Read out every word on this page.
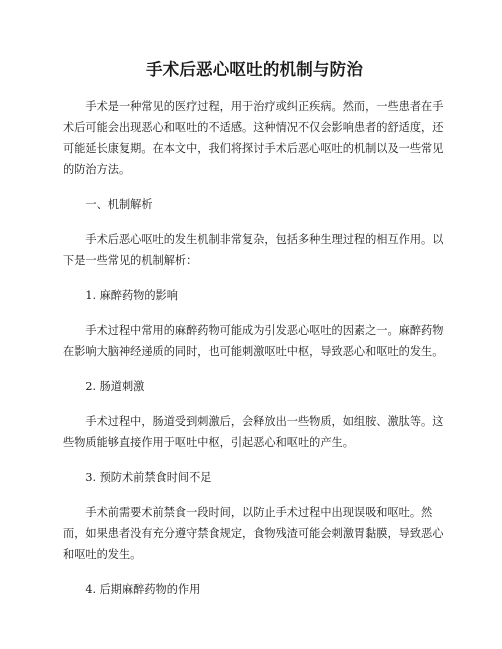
手术后恶心呕吐的机制与防治

手术是一种常见的医疗过程，用于治疗或纠正疾病。然而，一些患者在手术后可能会出现恶心和呕吐的不适感。这种情况不仅会影响患者的舒适度，还可能延长康复期。在本文中，我们将探讨手术后恶心呕吐的机制以及一些常见的防治方法。

一、机制解析

手术后恶心呕吐的发生机制非常复杂，包括多种生理过程的相互作用。以下是一些常见的机制解析：

1. 麻醉药物的影响

手术过程中常用的麻醉药物可能成为引发恶心呕吐的因素之一。麻醉药物在影响大脑神经递质的同时，也可能刺激呕吐中枢，导致恶心和呕吐的发生。

2. 肠道刺激

手术过程中，肠道受到刺激后，会释放出一些物质，如组胺、激肽等。这些物质能够直接作用于呕吐中枢，引起恶心和呕吐的产生。

3. 预防术前禁食时间不足

手术前需要术前禁食一段时间，以防止手术过程中出现误吸和呕吐。然而，如果患者没有充分遵守禁食规定，食物残渣可能会刺激胃黏膜，导致恶心和呕吐的发生。

4. 后期麻醉药物的作用
